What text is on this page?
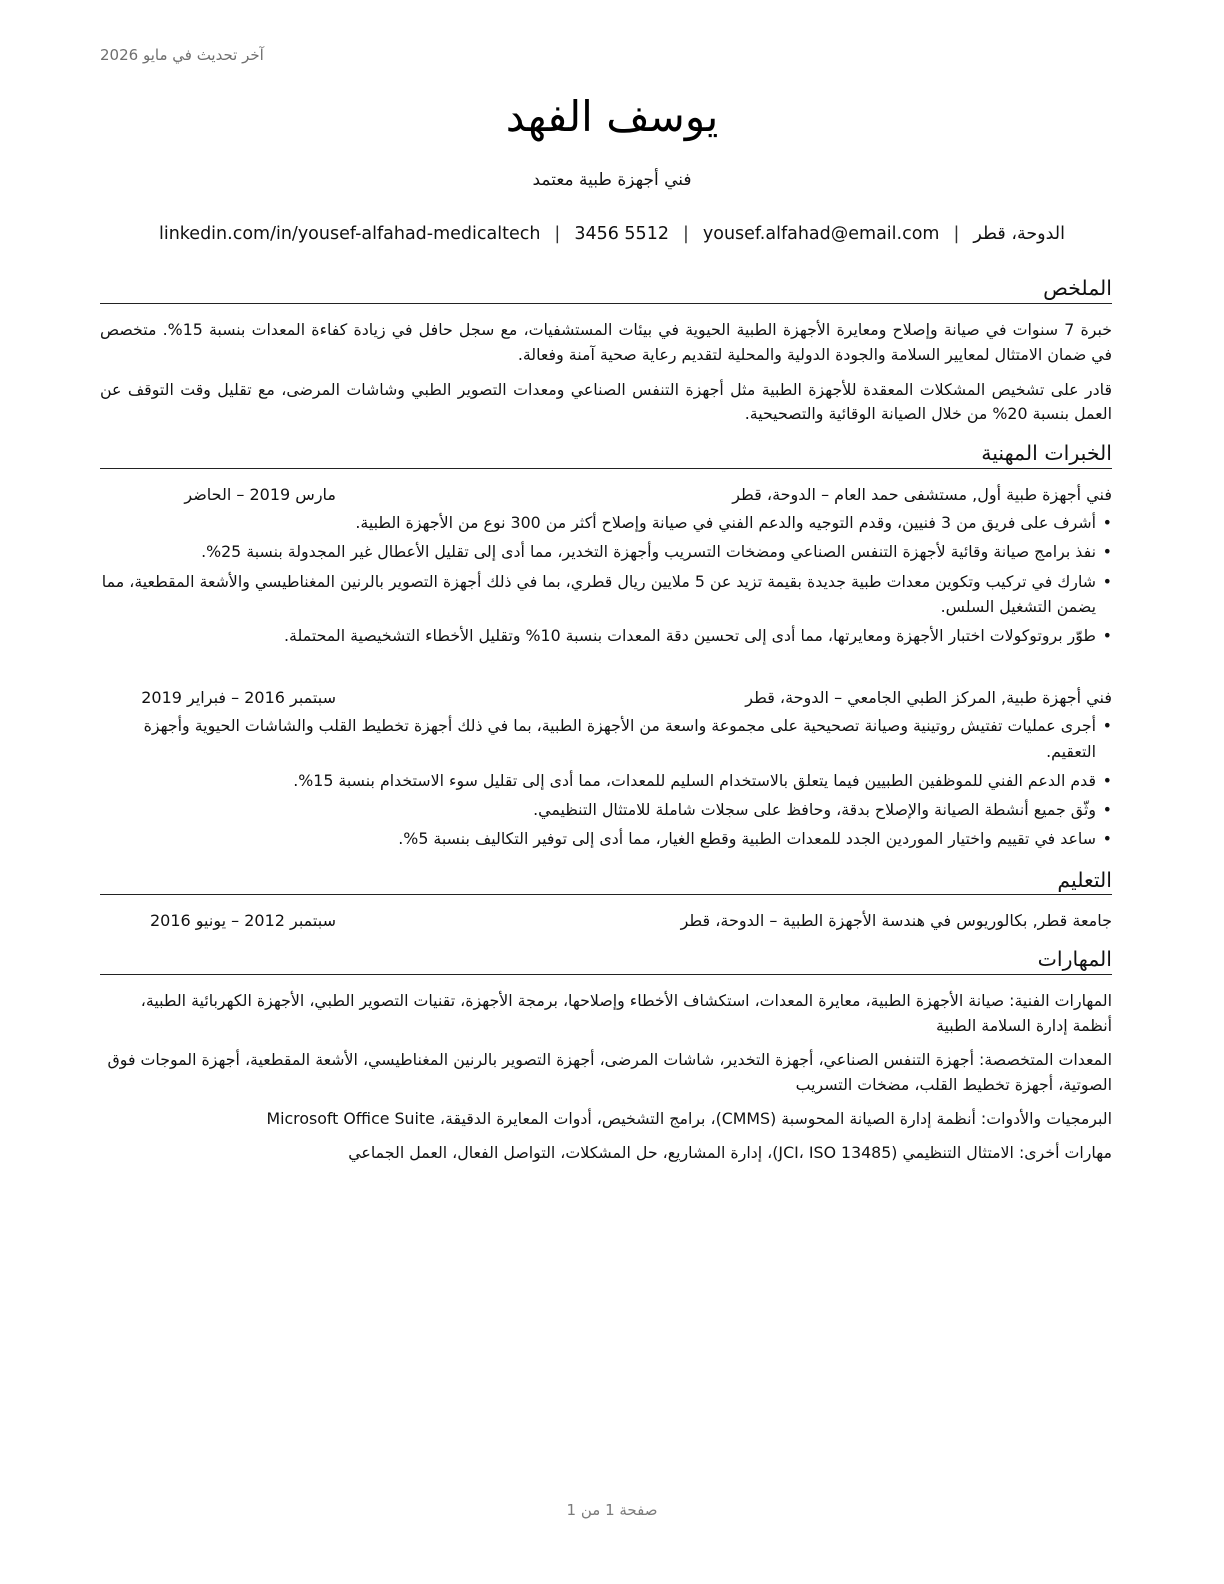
آخر تحديث في مايو 2026
يوسف الفهد
فني أجهزة طبية معتمد
الدوحة، قطر|yousef.alfahad@email.com|3456 5512|linkedin.com/in/yousef-alfahad-medicaltech
الملخص

خبرة 7 سنوات في صيانة وإصلاح ومعايرة الأجهزة الطبية الحيوية في بيئات المستشفيات، مع سجل حافل في زيادة كفاءة المعدات بنسبة 15%. متخصص في ضمان الامتثال لمعايير السلامة والجودة الدولية والمحلية لتقديم رعاية صحية آمنة وفعالة.

قادر على تشخيص المشكلات المعقدة للأجهزة الطبية مثل أجهزة التنفس الصناعي ومعدات التصوير الطبي وشاشات المرضى، مع تقليل وقت التوقف عن العمل بنسبة 20% من خلال الصيانة الوقائية والتصحيحية.

الخبرات المهنية
فني أجهزة طبية أول, مستشفى حمد العام – الدوحة، قطر
مارس 2019 – الحاضر
•
أشرف على فريق من 3 فنيين، وقدم التوجيه والدعم الفني في صيانة وإصلاح أكثر من 300 نوع من الأجهزة الطبية.
•
نفذ برامج صيانة وقائية لأجهزة التنفس الصناعي ومضخات التسريب وأجهزة التخدير، مما أدى إلى تقليل الأعطال غير المجدولة بنسبة 25%.
•
شارك في تركيب وتكوين معدات طبية جديدة بقيمة تزيد عن 5 ملايين ريال قطري، بما في ذلك أجهزة التصوير بالرنين المغناطيسي والأشعة المقطعية، مما يضمن التشغيل السلس.
•
طوّر بروتوكولات اختبار الأجهزة ومعايرتها، مما أدى إلى تحسين دقة المعدات بنسبة 10% وتقليل الأخطاء التشخيصية المحتملة.
فني أجهزة طبية, المركز الطبي الجامعي – الدوحة، قطر
سبتمبر 2016 – فبراير 2019
•
أجرى عمليات تفتيش روتينية وصيانة تصحيحية على مجموعة واسعة من الأجهزة الطبية، بما في ذلك أجهزة تخطيط القلب والشاشات الحيوية وأجهزة التعقيم.
•
قدم الدعم الفني للموظفين الطبيين فيما يتعلق بالاستخدام السليم للمعدات، مما أدى إلى تقليل سوء الاستخدام بنسبة 15%.
•
وثّق جميع أنشطة الصيانة والإصلاح بدقة، وحافظ على سجلات شاملة للامتثال التنظيمي.
•
ساعد في تقييم واختيار الموردين الجدد للمعدات الطبية وقطع الغيار، مما أدى إلى توفير التكاليف بنسبة 5%.
التعليم
جامعة قطر, بكالوريوس في هندسة الأجهزة الطبية – الدوحة، قطر
سبتمبر 2012 – يونيو 2016
المهارات

المهارات الفنية: صيانة الأجهزة الطبية، معايرة المعدات، استكشاف الأخطاء وإصلاحها، برمجة الأجهزة، تقنيات التصوير الطبي، الأجهزة الكهربائية الطبية، أنظمة إدارة السلامة الطبية

المعدات المتخصصة: أجهزة التنفس الصناعي، أجهزة التخدير، شاشات المرضى، أجهزة التصوير بالرنين المغناطيسي، الأشعة المقطعية، أجهزة الموجات فوق الصوتية، أجهزة تخطيط القلب، مضخات التسريب

البرمجيات والأدوات: أنظمة إدارة الصيانة المحوسبة (CMMS)، برامج التشخيص، أدوات المعايرة الدقيقة، Microsoft Office Suite

مهارات أخرى: الامتثال التنظيمي (JCI، ISO 13485)، إدارة المشاريع، حل المشكلات، التواصل الفعال، العمل الجماعي

صفحة 1 من 1
